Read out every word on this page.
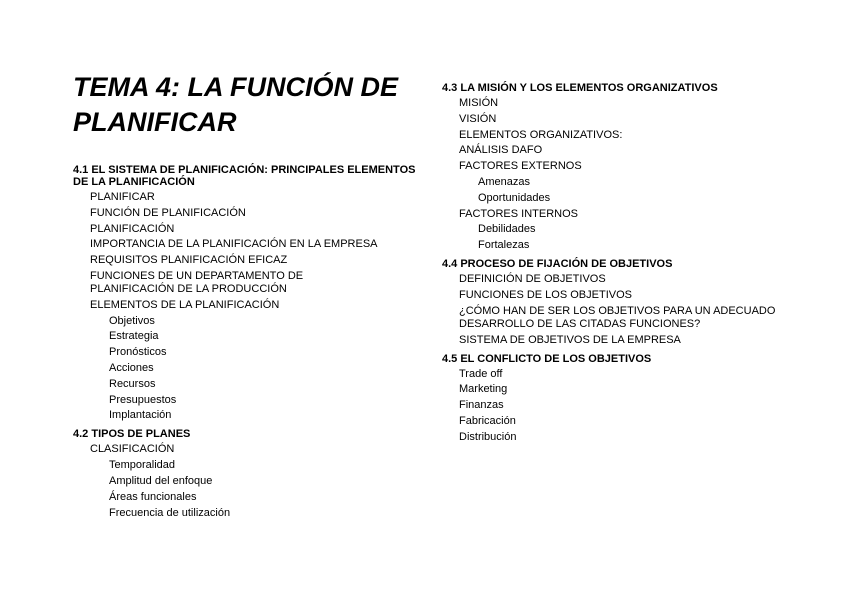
TEMA 4: LA FUNCIÓN DE PLANIFICAR
4.1 EL SISTEMA DE PLANIFICACIÓN: PRINCIPALES ELEMENTOS DE LA PLANIFICACIÓN
PLANIFICAR
FUNCIÓN DE PLANIFICACIÓN
PLANIFICACIÓN
IMPORTANCIA DE LA PLANIFICACIÓN EN LA EMPRESA
REQUISITOS PLANIFICACIÓN EFICAZ
FUNCIONES DE UN DEPARTAMENTO DE PLANIFICACIÓN DE LA PRODUCCIÓN
ELEMENTOS DE LA PLANIFICACIÓN
Objetivos
Estrategia
Pronósticos
Acciones
Recursos
Presupuestos
Implantación
4.2 TIPOS DE PLANES
CLASIFICACIÓN
Temporalidad
Amplitud del enfoque
Áreas funcionales
Frecuencia de utilización
4.3 LA MISIÓN Y LOS ELEMENTOS ORGANIZATIVOS
MISIÓN
VISIÓN
ELEMENTOS ORGANIZATIVOS:
ANÁLISIS DAFO
FACTORES EXTERNOS
Amenazas
Oportunidades
FACTORES INTERNOS
Debilidades
Fortalezas
4.4 PROCESO DE FIJACIÓN DE OBJETIVOS
DEFINICIÓN DE OBJETIVOS
FUNCIONES DE LOS OBJETIVOS
¿CÓMO HAN DE SER LOS OBJETIVOS PARA UN ADECUADO DESARROLLO DE LAS CITADAS FUNCIONES?
SISTEMA DE OBJETIVOS DE LA EMPRESA
4.5 EL CONFLICTO DE LOS OBJETIVOS
Trade off
Marketing
Finanzas
Fabricación
Distribución
